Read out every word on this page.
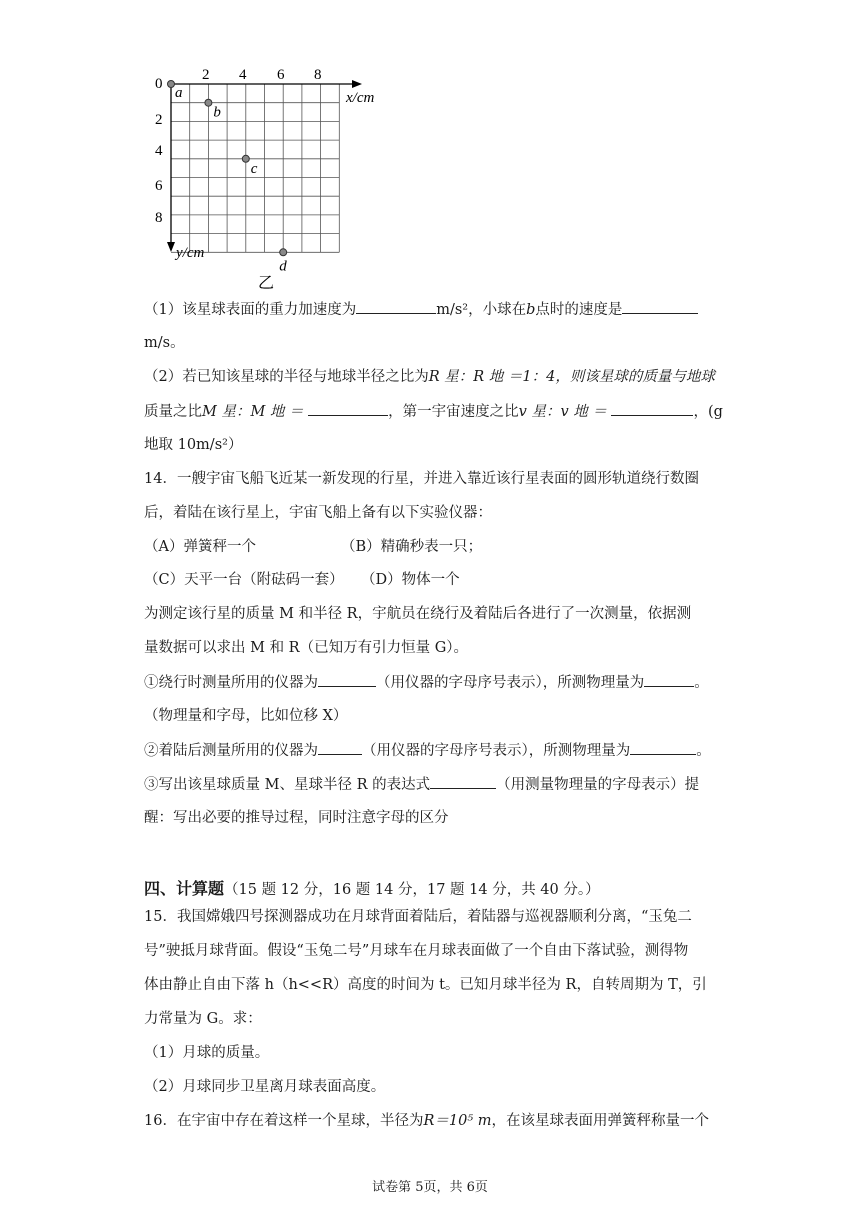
0
2 4 6 8
x/cm
2
4
6
8
y/cm
a
b
c
d
乙
（1）该星球表面的重力加速度为	m/s²，小球在b点时的速度是
m/s。
（2）若已知该星球的半径与地球半径之比为R 星：R 地 ＝1：4，则该星球的质量与地球
质量之比M 星：M 地 ＝	，第一宇宙速度之比v 星：v 地 ＝	，(g
地取 10m/s²）
14．一艘宇宙飞船飞近某一新发现的行星，并进入靠近该行星表面的圆形轨道绕行数圈
后，着陆在该行星上，宇宙飞船上备有以下实验仪器：
（A）弹簧秤一个	（B）精确秒表一只；
（C）天平一台（附砝码一套） （D）物体一个
为测定该行星的质量 M 和半径 R，宇航员在绕行及着陆后各进行了一次测量，依据测
量数据可以求出 M 和 R（已知万有引力恒量 G）。
①绕行时测量所用的仪器为	（用仪器的字母序号表示），所测物理量为	。
（物理量和字母，比如位移 X）
②着陆后测量所用的仪器为	（用仪器的字母序号表示），所测物理量为	。
③写出该星球质量 M、星球半径 R 的表达式	（用测量物理量的字母表示）提
醒：写出必要的推导过程，同时注意字母的区分
四、计算题（15 题 12 分，16 题 14 分，17 题 14 分，共 40 分。）
15．我国嫦娥四号探测器成功在月球背面着陆后，着陆器与巡视器顺利分离，“玉兔二
号”驶抵月球背面。假设“玉兔二号”月球车在月球表面做了一个自由下落试验，测得物
体由静止自由下落 h（h<<R）高度的时间为 t。已知月球半径为 R，自转周期为 T，引
力常量为 G。求：
（1）月球的质量。
（2）月球同步卫星离月球表面高度。
16．在宇宙中存在着这样一个星球，半径为R＝10⁵ m，在该星球表面用弹簧秤称量一个
试卷第 5页，共 6页
